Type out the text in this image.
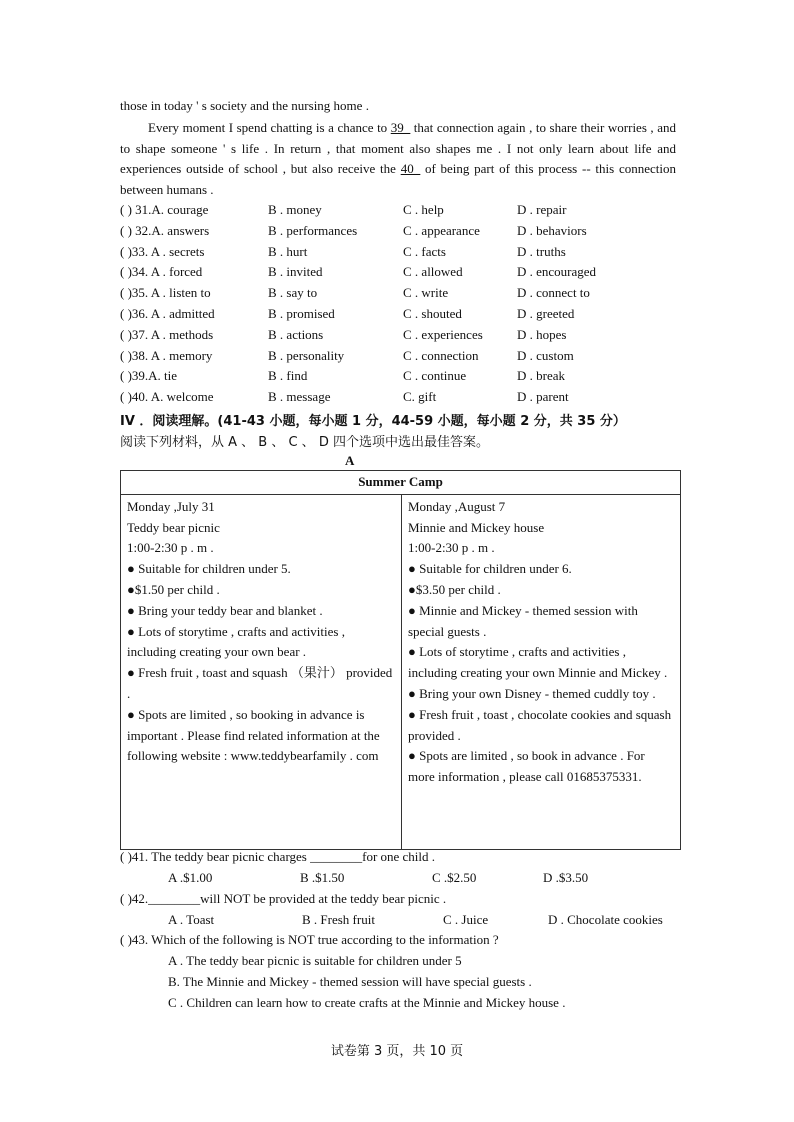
those in today ' s society and the nursing home .
Every moment I spend chatting is a chance to 39_ that connection again , to share their worries , and to shape someone ' s life . In return , that moment also shapes me . I not only learn about life and experiences outside of school , but also receive the 40_ of being part of this process -- this connection between humans .
( ) 31.A. courage	B . money	C . help	D . repair
( ) 32.A. answers	B . performances	C . appearance	D . behaviors
( )33. A . secrets	B . hurt	C . facts	D . truths
( )34. A . forced	B . invited	C . allowed	D . encouraged
( )35. A . listen to	B . say to	C . write	D . connect to
( )36. A . admitted	B . promised	C . shouted	D . greeted
( )37. A . methods	B . actions	C . experiences	D . hopes
( )38. A . memory	B . personality	C . connection	D . custom
( )39.A. tie	B . find	C . continue	D . break
( )40. A. welcome	B . message	C. gift	D . parent
IV ．阅读理解。(41-43 小题，每小题 1 分，44-59 小题，每小题 2 分，共 35 分）
阅读下列材料，从 A 、 B 、 C 、 D 四个选项中选出最佳答案。
A
Summer Camp

Monday ,July 31
Teddy bear picnic
1:00-2:30 p . m .
● Suitable for children under 5.
●$1.50 per child .
● Bring your teddy bear and blanket .
● Lots of storytime , crafts and activities , including creating your own bear .
● Fresh fruit , toast and squash （果汁） provided .
● Spots are limited , so booking in advance is important . Please find related information at the following website : www.teddybearfamily . com

Monday ,August 7
Minnie and Mickey house
1:00-2:30 p . m .
● Suitable for children under 6.
●$3.50 per child .
● Minnie and Mickey - themed session with special guests .
● Lots of storytime , crafts and activities , including creating your own Minnie and Mickey .
● Bring your own Disney - themed cuddly toy .
● Fresh fruit , toast , chocolate cookies and squash provided .
● Spots are limited , so book in advance . For more information , please call 01685375331.
( )41. The teddy bear picnic charges ________for one child .
A .$1.00	B .$1.50	C .$2.50	D .$3.50
( )42.________will NOT be provided at the teddy bear picnic .
A . Toast	B . Fresh fruit	C . Juice	D . Chocolate cookies
( )43. Which of the following is NOT true according to the information ?
A . The teddy bear picnic is suitable for children under 5
B. The Minnie and Mickey - themed session will have special guests .
C . Children can learn how to create crafts at the Minnie and Mickey house .
试卷第 3 页，共 10 页
